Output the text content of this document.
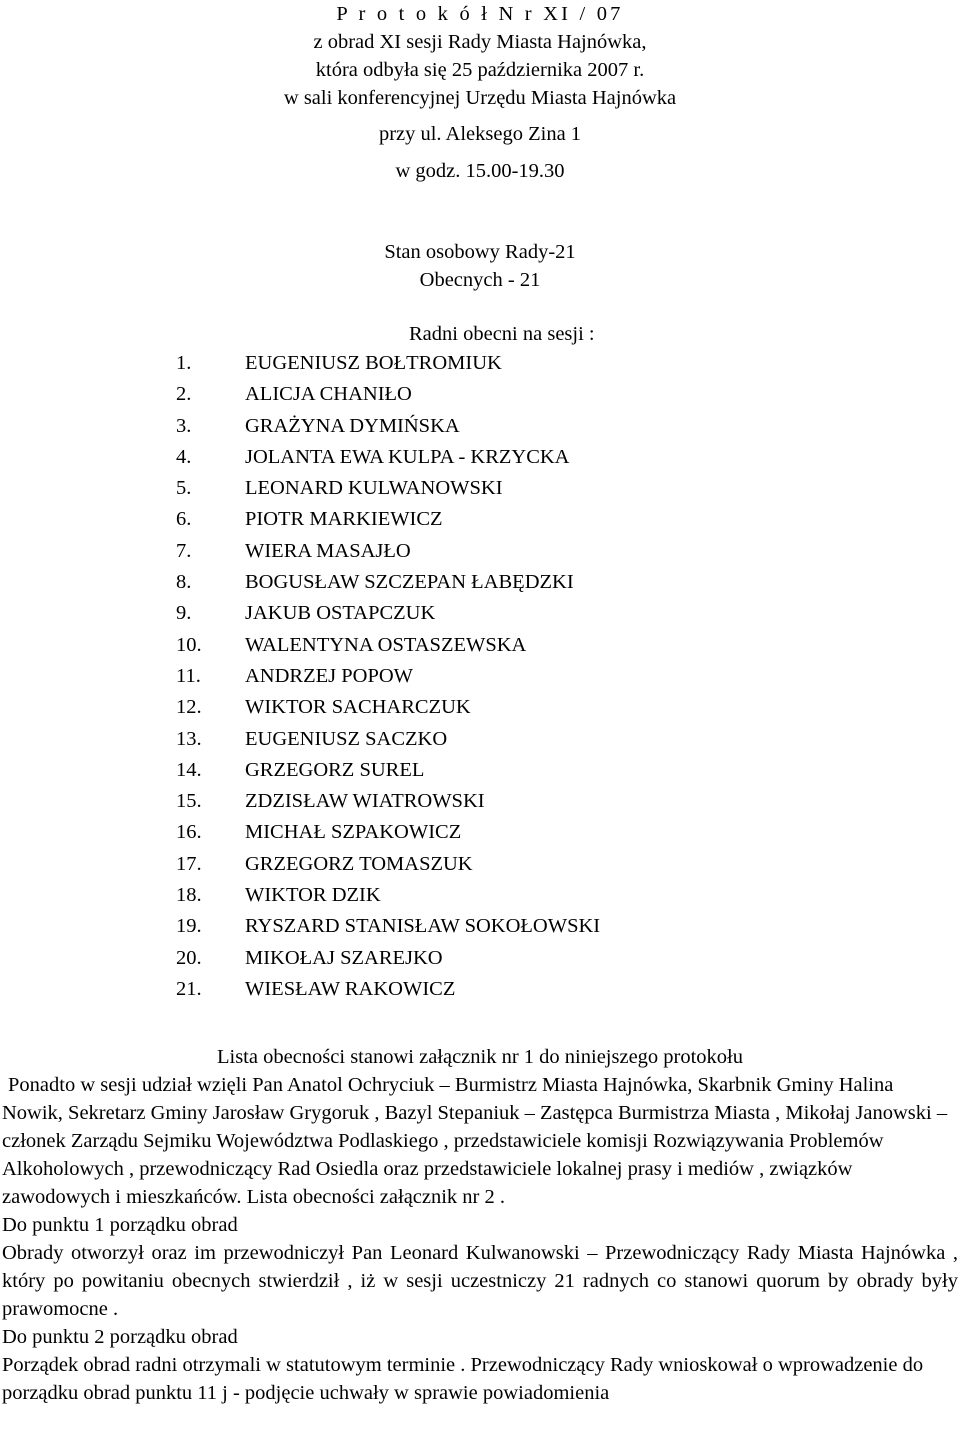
P r o t o k ó ł N r XI / 07
z obrad XI sesji Rady Miasta Hajnówka,
która odbyła się 25 października 2007 r.
w sali konferencyjnej Urzędu Miasta Hajnówka
przy ul. Aleksego Zina 1
w godz. 15.00-19.30
Stan osobowy Rady-21
Obecnych - 21
Radni obecni na sesji :
1.	EUGENIUSZ BOŁTROMIUK
2.	ALICJA CHANIŁO
3.	GRAŻYNA DYMIŃSKA
4.	JOLANTA EWA KULPA - KRZYCKA
5.	LEONARD KULWANOWSKI
6.	PIOTR MARKIEWICZ
7.	WIERA MASAJŁO
8.	BOGUSŁAW SZCZEPAN ŁABĘDZKI
9.	JAKUB OSTAPCZUK
10. WALENTYNA OSTASZEWSKA
11. ANDRZEJ POPOW
12. WIKTOR SACHARCZUK
13. EUGENIUSZ SACZKO
14. GRZEGORZ SUREL
15. ZDZISŁAW WIATROWSKI
16. MICHAŁ SZPAKOWICZ
17. GRZEGORZ TOMASZUK
18. WIKTOR DZIK
19. RYSZARD STANISŁAW SOKOŁOWSKI
20. MIKOŁAJ SZAREJKO
21. WIESŁAW RAKOWICZ
Lista obecności stanowi załącznik nr 1 do niniejszego protokołu

Ponadto w sesji udział wzięli Pan Anatol Ochryciuk – Burmistrz Miasta Hajnówka, Skarbnik Gminy Halina Nowik, Sekretarz Gminy Jarosław Grygoruk , Bazyl Stepaniuk – Zastępca Burmistrza Miasta , Mikołaj Janowski – członek Zarządu Sejmiku Województwa Podlaskiego , przedstawiciele komisji Rozwiązywania Problemów Alkoholowych , przewodniczący Rad Osiedla oraz przedstawiciele lokalnej prasy i mediów , związków zawodowych i mieszkańców. Lista obecności załącznik nr 2 .

Do punktu 1 porządku obrad

Obrady otworzył oraz im przewodniczył Pan Leonard Kulwanowski – Przewodniczący Rady Miasta Hajnówka , który po powitaniu obecnych stwierdził , iż w sesji uczestniczy 21 radnych co stanowi quorum by obrady były prawomocne .

Do punktu 2 porządku obrad

Porządek obrad radni otrzymali w statutowym terminie . Przewodniczący Rady wnioskował o wprowadzenie do porządku obrad punktu 11 j - podjęcie uchwały w sprawie powiadomienia
